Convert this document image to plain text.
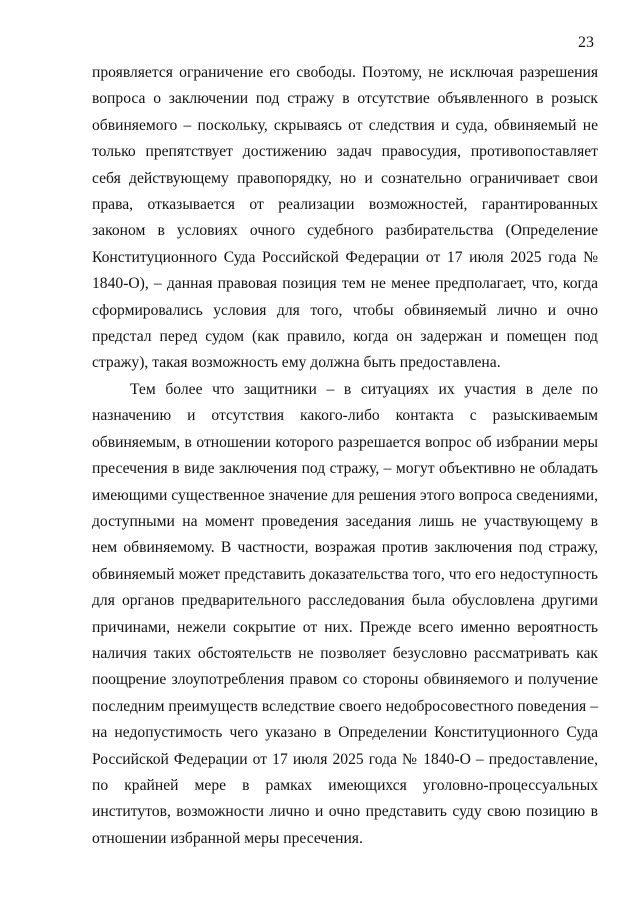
23

проявляется ограничение его свободы. Поэтому, не исключая разрешения вопроса о заключении под стражу в отсутствие объявленного в розыск обвиняемого – поскольку, скрываясь от следствия и суда, обвиняемый не только препятствует достижению задач правосудия, противопоставляет себя действующему правопорядку, но и сознательно ограничивает свои права, отказывается от реализации возможностей, гарантированных законом в условиях очного судебного разбирательства (Определение Конституционного Суда Российской Федерации от 17 июля 2025 года № 1840-О), – данная правовая позиция тем не менее предполагает, что, когда сформировались условия для того, чтобы обвиняемый лично и очно предстал перед судом (как правило, когда он задержан и помещен под стражу), такая возможность ему должна быть предоставлена.

Тем более что защитники – в ситуациях их участия в деле по назначению и отсутствия какого-либо контакта с разыскиваемым обвиняемым, в отношении которого разрешается вопрос об избрании меры пресечения в виде заключения под стражу, – могут объективно не обладать имеющими существенное значение для решения этого вопроса сведениями, доступными на момент проведения заседания лишь не участвующему в нем обвиняемому. В частности, возражая против заключения под стражу, обвиняемый может представить доказательства того, что его недоступность для органов предварительного расследования была обусловлена другими причинами, нежели сокрытие от них. Прежде всего именно вероятность наличия таких обстоятельств не позволяет безусловно рассматривать как поощрение злоупотребления правом со стороны обвиняемого и получение последним преимуществ вследствие своего недобросовестного поведения – на недопустимость чего указано в Определении Конституционного Суда Российской Федерации от 17 июля 2025 года № 1840-О – предоставление, по крайней мере в рамках имеющихся уголовно-процессуальных институтов, возможности лично и очно представить суду свою позицию в отношении избранной меры пресечения.
